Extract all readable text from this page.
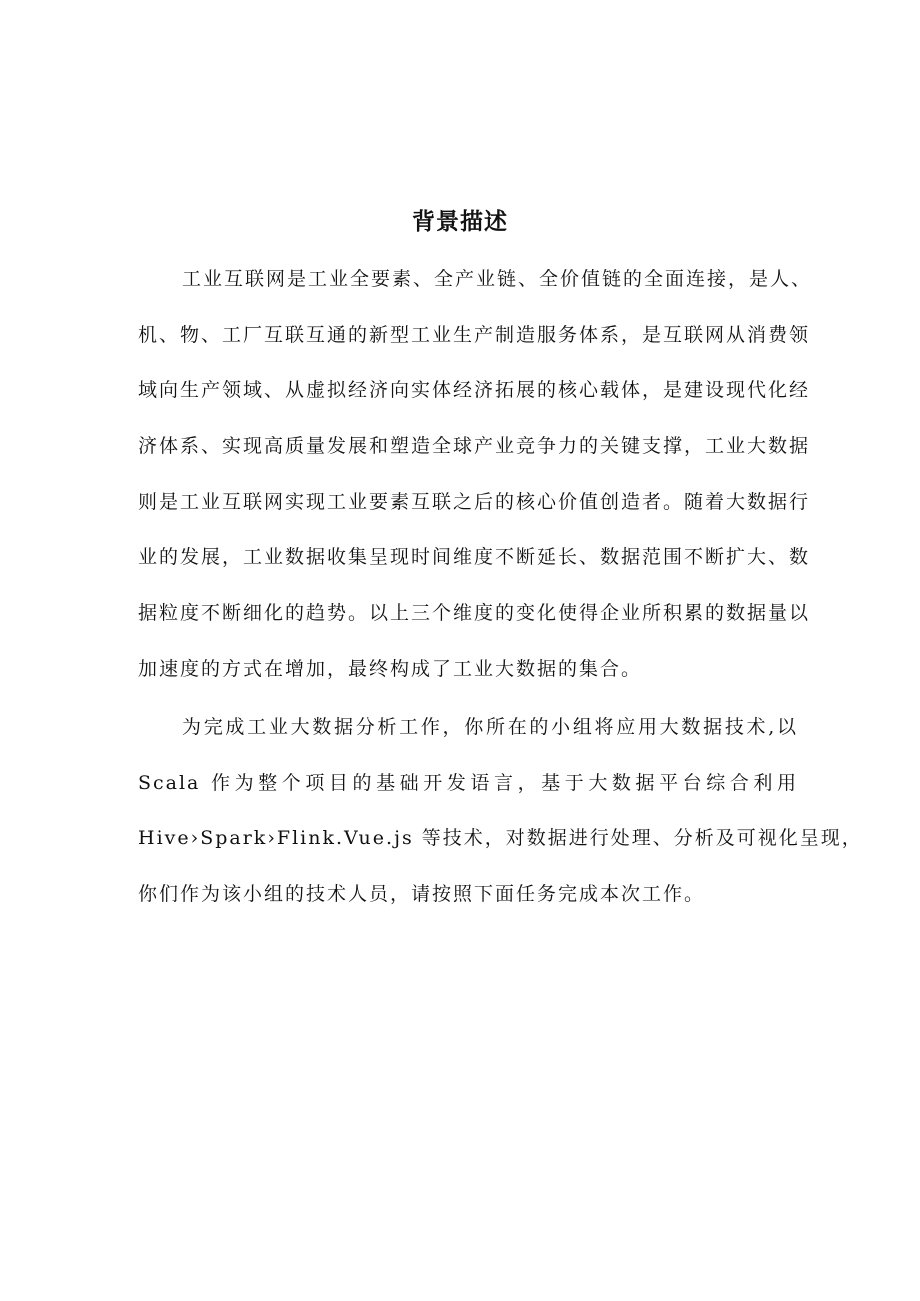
背景描述
工业互联网是工业全要素、全产业链、全价值链的全面连接，是人、
机、物、工厂互联互通的新型工业生产制造服务体系，是互联网从消费领
域向生产领域、从虚拟经济向实体经济拓展的核心载体，是建设现代化经
济体系、实现高质量发展和塑造全球产业竞争力的关键支撑，工业大数据
则是工业互联网实现工业要素互联之后的核心价值创造者。随着大数据行
业的发展，工业数据收集呈现时间维度不断延长、数据范围不断扩大、数
据粒度不断细化的趋势。以上三个维度的变化使得企业所积累的数据量以
加速度的方式在增加，最终构成了工业大数据的集合。
为完成工业大数据分析工作，你所在的小组将应用大数据技术,以
Scala 作为整个项目的基础开发语言，基于大数据平台综合利用
Hive›Spark›Flink.Vue.js 等技术，对数据进行处理、分析及可视化呈现，
你们作为该小组的技术人员，请按照下面任务完成本次工作。
